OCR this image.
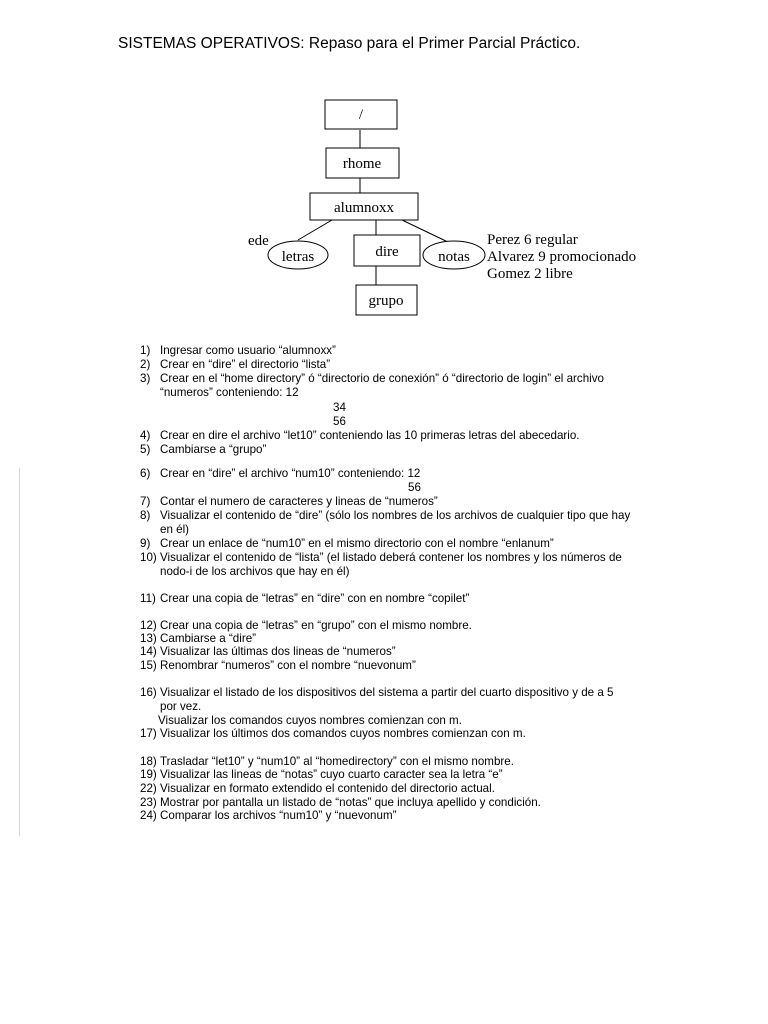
SISTEMAS OPERATIVOS: Repaso para el Primer Parcial Práctico.
/
rhome
alumnoxx
ede
letras	dire	notas
grupo
Perez 6 regular
Alvarez 9 promocionado
Gomez 2 libre
1) Ingresar como usuario “alumnoxx”
2) Crear en “dire” el directorio “lista”
3) Crear en el “home directory” ó “directorio de conexión” ó “directorio de login” el archivo
“numeros” conteniendo: 12
34
56
4) Crear en dire el archivo “let10” conteniendo las 10 primeras letras del abecedario.
5) Cambiarse a “grupo”
6) Crear en “dire” el archivo “num10” conteniendo: 12
56
7) Contar el numero de caracteres y lineas de “numeros”
8) Visualizar el contenido de “dire” (sólo los nombres de los archivos de cualquier tipo que hay
en él)
9) Crear un enlace de “num10” en el mismo directorio con el nombre “enlanum”
10) Visualizar el contenido de “lista” (el listado deberá contener los nombres y los números de
nodo-i de los archivos que hay en él)
11) Crear una copia de “letras” en “dire” con en nombre “copilet”
12) Crear una copia de “letras” en “grupo” con el mismo nombre.
13) Cambiarse a “dire”
14) Visualizar las últimas dos lineas de “numeros”
15) Renombrar “numeros” con el nombre “nuevonum”
16) Visualizar el listado de los dispositivos del sistema a partir del cuarto dispositivo y de a 5
por vez.
Visualizar los comandos cuyos nombres comienzan con m.
17) Visualizar los últimos dos comandos cuyos nombres comienzan con m.
18) Trasladar “let10” y “num10” al “homedirectory” con el mismo nombre.
19) Visualizar las lineas de “notas” cuyo cuarto caracter sea la letra “e”
22) Visualizar en formato extendido el contenido del directorio actual.
23) Mostrar por pantalla un listado de “notas” que incluya apellido y condición.
24) Comparar los archivos “num10” y “nuevonum”
